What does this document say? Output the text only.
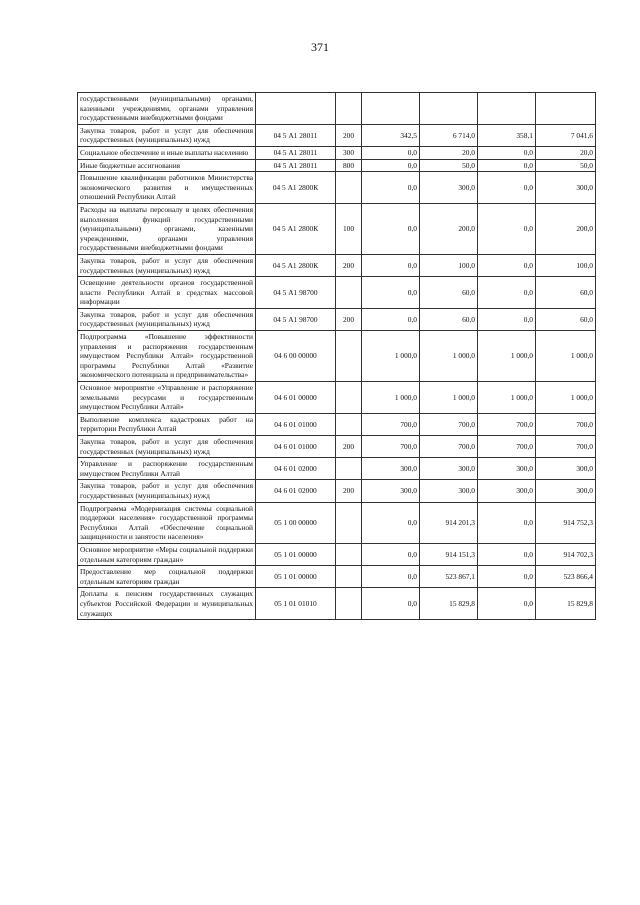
371
государственными (муниципальными) органами, казенными учреждениями, органами управления государственными внебюджетными фондами						
Закупка товаров, работ и услуг для обеспечения государственных (муниципальных) нужд	04 5 А1 28011	200	342,5	6 714,0	358,1	7 041,6
Социальное обеспечение и иные выплаты населению	04 5 А1 28011	300	0,0	20,0	0,0	20,0
Иные бюджетные ассигнования	04 5 А1 28011	800	0,0	50,0	0,0	50,0
Повышение квалификации работников Министерства экономического развития и имущественных отношений Республики Алтай	04 5 А1 2800К		0,0	300,0	0,0	300,0
Расходы на выплаты персоналу в целях обеспечения выполнения функций государственными (муниципальными) органами, казенными учреждениями, органами управления государственными внебюджетными фондами	04 5 А1 2800К	100	0,0	200,0	0,0	200,0
Закупка товаров, работ и услуг для обеспечения государственных (муниципальных) нужд	04 5 А1 2800К	200	0,0	100,0	0,0	100,0
Освещение деятельности органов государственной власти Республики Алтай в средствах массовой информации	04 5 А1 98700		0,0	60,0	0,0	60,0
Закупка товаров, работ и услуг для обеспечения государственных (муниципальных) нужд	04 5 А1 98700	200	0,0	60,0	0,0	60,0
Подпрограмма «Повышение эффективности управления и распоряжения государственным имуществом Республики Алтай» государственной программы Республики Алтай «Развитие экономического потенциала и предпринимательства»	04 6 00 00000		1 000,0	1 000,0	1 000,0	1 000,0
Основное мероприятие «Управление и распоряжение земельными ресурсами и государственным имуществом Республики Алтай»	04 6 01 00000		1 000,0	1 000,0	1 000,0	1 000,0
Выполнение комплекса кадастровых работ на территории Республики Алтай	04 6 01 01000		700,0	700,0	700,0	700,0
Закупка товаров, работ и услуг для обеспечения государственных (муниципальных) нужд	04 6 01 01000	200	700,0	700,0	700,0	700,0
Управление и распоряжение государственным имуществом Республики Алтай	04 6 01 02000		300,0	300,0	300,0	300,0
Закупка товаров, работ и услуг для обеспечения государственных (муниципальных) нужд	04 6 01 02000	200	300,0	300,0	300,0	300,0
Подпрограмма «Модернизация системы социальной поддержки населения» государственной программы Республики Алтай «Обеспечение социальной защищенности и занятости населения»	05 1 00 00000		0,0	914 201,3	0,0	914 752,3
Основное мероприятие «Меры социальной поддержки отдельным категориям граждан»	05 1 01 00000		0,0	914 151,3	0,0	914 702,3
Предоставление мер социальной поддержки отдельным категориям граждан	05 1 01 00000		0,0	523 867,1	0,0	523 866,4
Доплаты к пенсиям государственных служащих субъектов Российской Федерации и муниципальных служащих	05 1 01 01010		0,0	15 829,8	0,0	15 829,8
